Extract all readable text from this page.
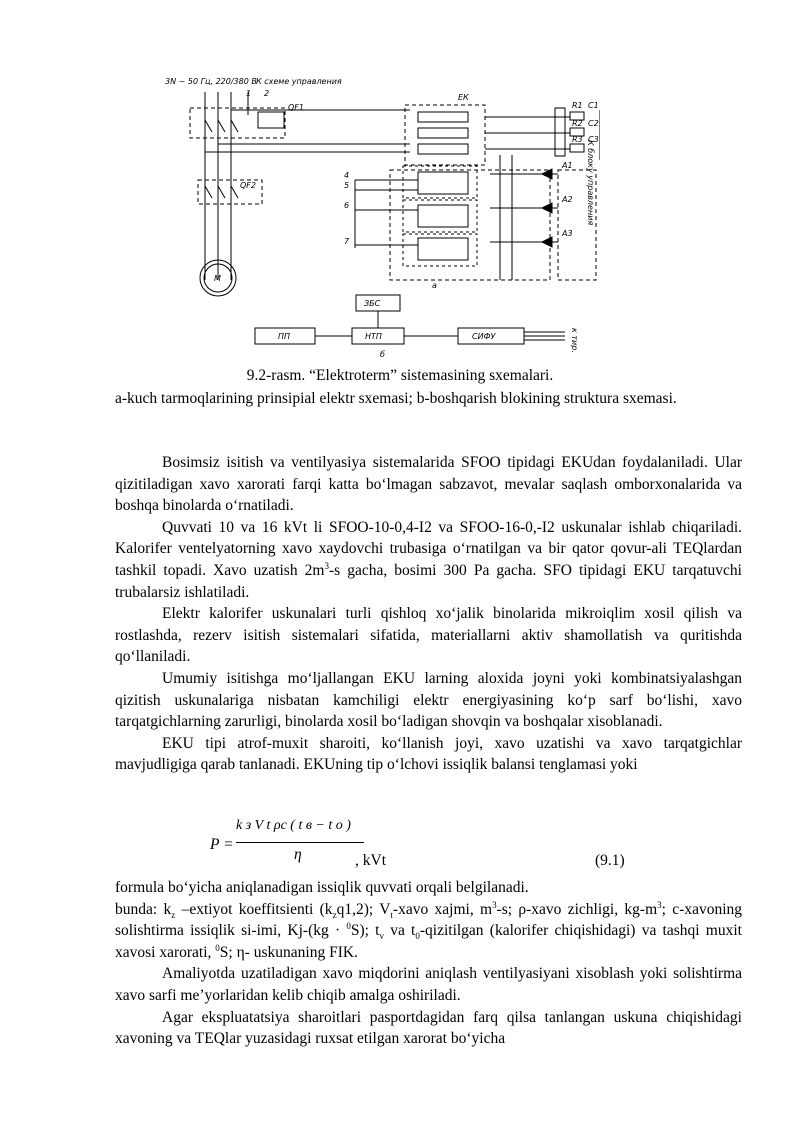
3N ~ 50 Гц, 220/380 В К схеме управления
1 2
QF1
QF2
ЕК
R1
R2
R3
C1
C2
C3
A1
A2
A3
4
5
6
7
а
М
ЗБС
ПП	НТП	СИФУ
б
к тир.
К блоку управления
9.2-rasm. “Elektroterm” sistemasining sxemalari.
a-kuch tarmoqlarining prinsipial elektr sxemasi; b-boshqarish blokining struktura sxemasi.

Bosimsiz isitish va ventilyasiya sistemalarida SFOO tipidagi EKUdan foydalaniladi. Ular qizitiladigan xavo xarorati farqi katta bo‘lmagan sabzavot, mevalar saqlash omborxonalarida va boshqa binolarda o‘rnatiladi.

Quvvati 10 va 16 kVt li SFOO-10-0,4-I2 va SFOO-16-0,-I2 uskunalar ishlab chiqariladi. Kalorifer ventelyatorning xavo xaydovchi trubasiga o‘rnatilgan va bir qator qovur-ali TEQlardan tashkil topadi. Xavo uzatish $2m^3-s$ gacha, bosimi 300 Pa gacha. SFO tipidagi EKU tarqatuvchi trubalarsiz ishlatiladi.

Elektr kalorifer uskunalari turli qishloq xo‘jalik binolarida mikroiqlim xosil qilish va rostlashda, rezerv isitish sistemalari sifatida, materiallarni aktiv shamollatish va quritishda qo‘llaniladi.

Umumiy isitishga mo‘ljallangan EKU larning aloxida joyni yoki kombinatsiyalashgan qizitish uskunalariga nisbatan kamchiligi elektr energiyasining ko‘p sarf bo‘lishi, xavo tarqatgichlarning zarurligi, binolarda xosil bo‘ladigan shovqin va boshqalar xisoblanadi.

EKU tipi atrof-muxit sharoiti, ko‘llanish joyi, xavo uzatishi va xavo tarqatgichlar mavjudligiga qarab tanlanadi. EKUning tip o‘lchovi issiqlik balansi tenglamasi yoki

P =
k з V t ρc ( t в − t о )
η	, kVt	(9.1)

formula bo‘yicha aniqlanadigan issiqlik quvvati orqali belgilanadi.

bunda: $k_z$ –extiyot koeffitsienti $(k_zq1,2)$; $V_t$-xavo xajmi, $m^3-s$; ρ-xavo zichligi, $kg-m^3$; c-xavoning solishtirma issiqlik si-imi, Kj-(kg · $^0$S); $t_v$ va $t_0$-qizitilgan (kalorifer chiqishidagi) va tashqi muxit xavosi xarorati, $^0$S; η- uskunaning FIK.

Amaliyotda uzatiladigan xavo miqdorini aniqlash ventilyasiyani xisoblash yoki solishtirma xavo sarfi me’yorlaridan kelib chiqib amalga oshiriladi.

Agar ekspluatatsiya sharoitlari pasportdagidan farq qilsa tanlangan uskuna chiqishidagi xavoning va TEQlar yuzasidagi ruxsat etilgan xarorat bo‘yicha
